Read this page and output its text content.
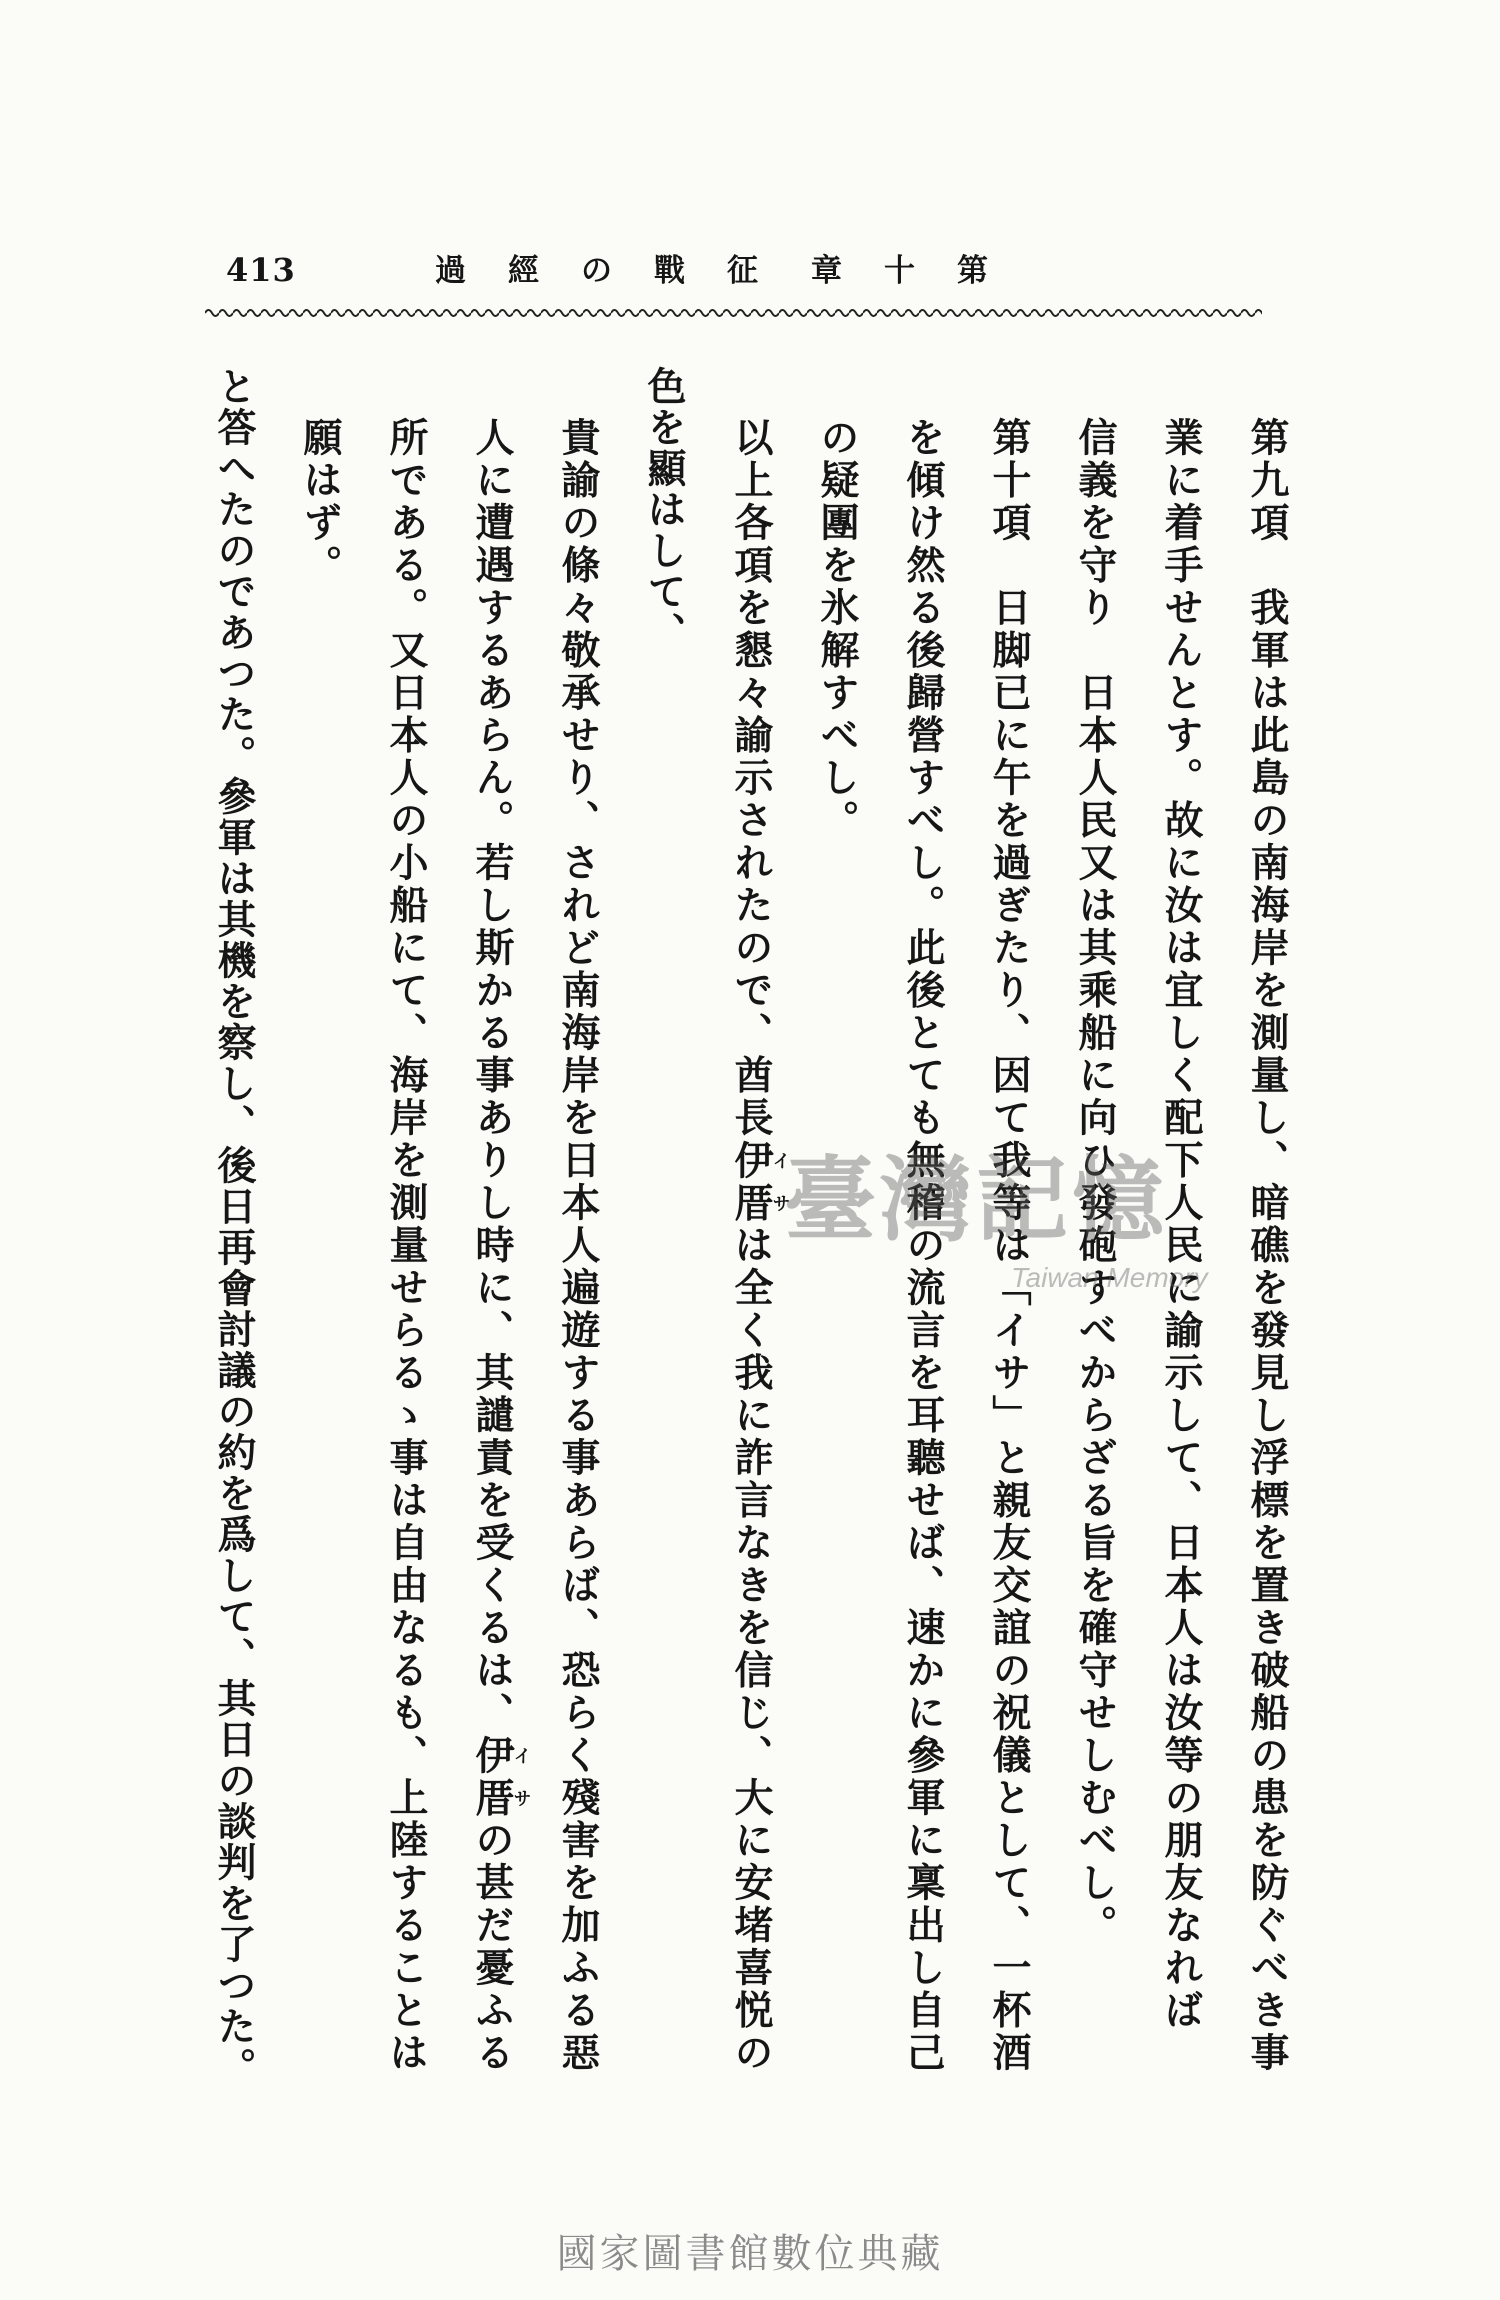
413	征戰の經過 第十章
第九項　我軍は此島の南海岸を測量し、暗礁を發見し浮標を置き破船の患を防ぐべき事
業に着手せんとす。故に汝は宜しく配下人民に諭示して、日本人は汝等の朋友なれば
信義を守り　日本人民又は其乘船に向ひ發砲すべからざる旨を確守せしむべし。
第十項　日脚已に午を過ぎたり、因て我等は「イサ」と親友交誼の祝儀として、一杯酒
を傾け然る後歸營すべし。此後とても無稽の流言を耳聽せば、速かに參軍に稟出し自己
の疑團を氷解すべし。
以上各項を懇々諭示されたので、酋長伊厝イサは全く我に詐言なきを信じ、大に安堵喜悦の
色を顯はして、
貴諭の條々敬承せり、されど南海岸を日本人遍遊する事あらば、恐らく殘害を加ふる惡
人に遭遇するあらん。若し斯かる事ありし時に、其譴責を受くるは、伊厝イサの甚だ憂ふる
所である。又日本人の小船にて、海岸を測量せらるゝ事は自由なるも、上陸することは
願はず。
と答へたのであつた。參軍は其機を察し、後日再會討議の約を爲して、其日の談判を了つた。	臺灣記憶
Taiwan Memory
國家圖書館數位典藏
